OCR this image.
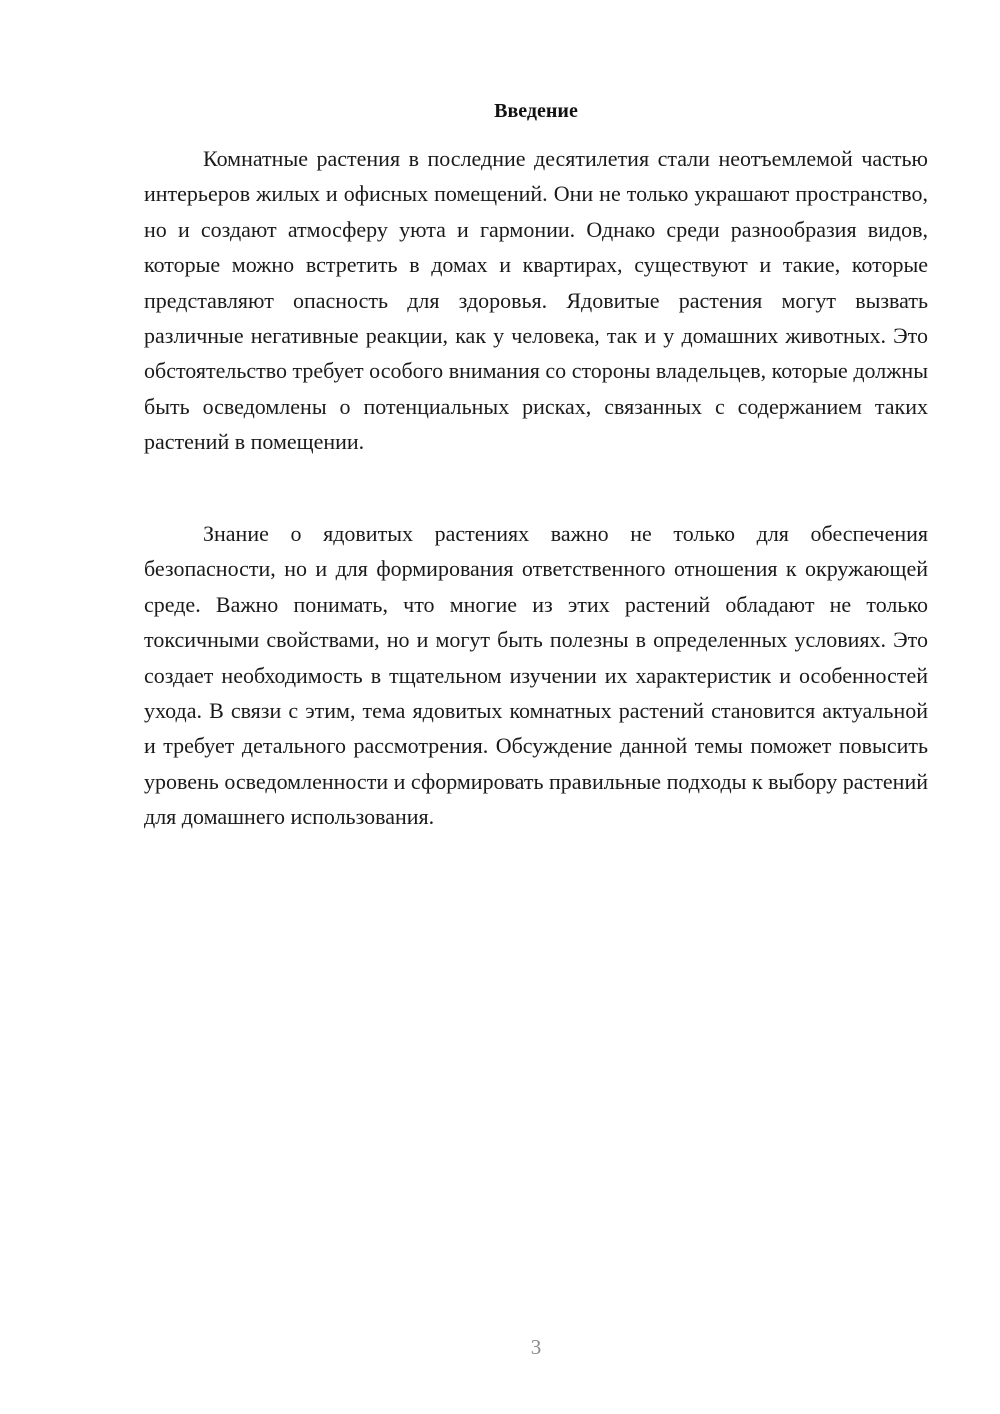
Введение

Комнатные растения в последние десятилетия стали неотъемлемой частью интерьеров жилых и офисных помещений. Они не только украшают пространство, но и создают атмосферу уюта и гармонии. Однако среди разнообразия видов, которые можно встретить в домах и квартирах, существуют и такие, которые представляют опасность для здоровья. Ядовитые растения могут вызвать различные негативные реакции, как у человека, так и у домашних животных. Это обстоятельство требует особого внимания со стороны владельцев, которые должны быть осведомлены о потенциальных рисках, связанных с содержанием таких растений в помещении.

Знание о ядовитых растениях важно не только для обеспечения безопасности, но и для формирования ответственного отношения к окружающей среде. Важно понимать, что многие из этих растений обладают не только токсичными свойствами, но и могут быть полезны в определенных условиях. Это создает необходимость в тщательном изучении их характеристик и особенностей ухода. В связи с этим, тема ядовитых комнатных растений становится актуальной и требует детального рассмотрения. Обсуждение данной темы поможет повысить уровень осведомленности и сформировать правильные подходы к выбору растений для домашнего использования.

3
